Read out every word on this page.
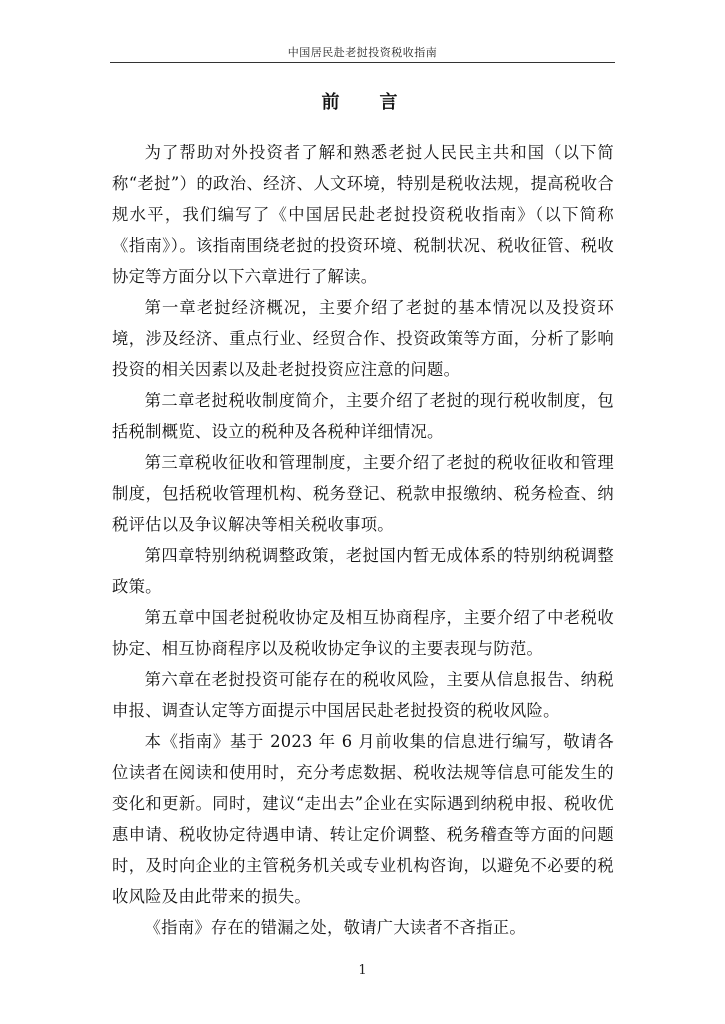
中国居民赴老挝投资税收指南
前 言

为了帮助对外投资者了解和熟悉老挝人民民主共和国（以下简称“老挝”）的政治、经济、人文环境，特别是税收法规，提高税收合规水平，我们编写了《中国居民赴老挝投资税收指南》（以下简称《指南》）。该指南围绕老挝的投资环境、税制状况、税收征管、税收协定等方面分以下六章进行了解读。

第一章老挝经济概况，主要介绍了老挝的基本情况以及投资环境，涉及经济、重点行业、经贸合作、投资政策等方面，分析了影响投资的相关因素以及赴老挝投资应注意的问题。

第二章老挝税收制度简介，主要介绍了老挝的现行税收制度，包括税制概览、设立的税种及各税种详细情况。

第三章税收征收和管理制度，主要介绍了老挝的税收征收和管理制度，包括税收管理机构、税务登记、税款申报缴纳、税务检查、纳税评估以及争议解决等相关税收事项。

第四章特别纳税调整政策，老挝国内暂无成体系的特别纳税调整政策。

第五章中国老挝税收协定及相互协商程序，主要介绍了中老税收协定、相互协商程序以及税收协定争议的主要表现与防范。

第六章在老挝投资可能存在的税收风险，主要从信息报告、纳税申报、调查认定等方面提示中国居民赴老挝投资的税收风险。

本《指南》基于 2023 年 6 月前收集的信息进行编写，敬请各位读者在阅读和使用时，充分考虑数据、税收法规等信息可能发生的变化和更新。同时，建议“走出去”企业在实际遇到纳税申报、税收优惠申请、税收协定待遇申请、转让定价调整、税务稽查等方面的问题时，及时向企业的主管税务机关或专业机构咨询，以避免不必要的税收风险及由此带来的损失。

《指南》存在的错漏之处，敬请广大读者不吝指正。

1
